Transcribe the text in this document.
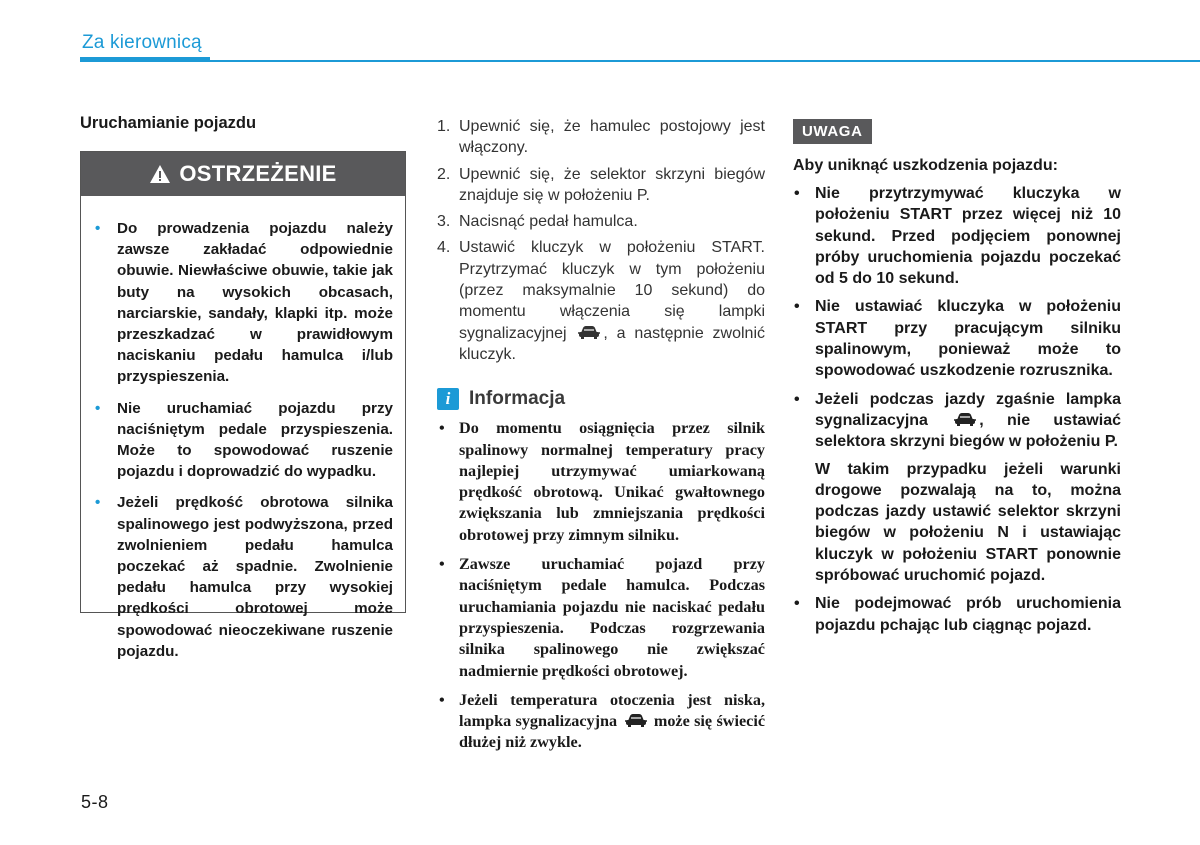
Za kierownicą
Uruchamianie pojazdu
OSTRZEŻENIE
• Do prowadzenia pojazdu należy zawsze zakładać odpowiednie obuwie. Niewłaściwe obuwie, takie jak buty na wysokich obcasach, narciarskie, sandały, klapki itp. może przeszkadzać w prawidłowym naciskaniu pedału hamulca i/lub przyspieszenia.
• Nie uruchamiać pojazdu przy naciśniętym pedale przyspieszenia. Może to spowodować ruszenie pojazdu i doprowadzić do wypadku.
• Jeżeli prędkość obrotowa silnika spalinowego jest podwyższona, przed zwolnieniem pedału hamulca poczekać aż spadnie. Zwolnienie pedału hamulca przy wysokiej prędkości obrotowej może spowodować nieoczekiwane ruszenie pojazdu.
1. Upewnić się, że hamulec postojowy jest włączony.
2. Upewnić się, że selektor skrzyni biegów znajduje się w położeniu P.
3. Nacisnąć pedał hamulca.
4. Ustawić kluczyk w położeniu START. Przytrzymać kluczyk w tym położeniu (przez maksymalnie 10 sekund) do momentu włączenia się lampki sygnalizacyjnej , a następnie zwolnić kluczyk.
i Informacja
• Do momentu osiągnięcia przez silnik spalinowy normalnej temperatury pracy najlepiej utrzymywać umiarkowaną prędkość obrotową. Unikać gwałtownego zwiększania lub zmniejszania prędkości obrotowej przy zimnym silniku.
• Zawsze uruchamiać pojazd przy naciśniętym pedale hamulca. Podczas uruchamiania pojazdu nie naciskać pedału przyspieszenia. Podczas rozgrzewania silnika spalinowego nie zwiększać nadmiernie prędkości obrotowej.
• Jeżeli temperatura otoczenia jest niska, lampka sygnalizacyjna  może się świecić dłużej niż zwykle.
UWAGA
Aby uniknąć uszkodzenia pojazdu:
• Nie przytrzymywać kluczyka w położeniu START przez więcej niż 10 sekund. Przed podjęciem ponownej próby uruchomienia pojazdu poczekać od 5 do 10 sekund.
• Nie ustawiać kluczyka w położeniu START przy pracującym silniku spalinowym, ponieważ może to spowodować uszkodzenie rozrusznika.
• Jeżeli podczas jazdy zgaśnie lampka sygnalizacyjna , nie ustawiać selektora skrzyni biegów w położeniu P.
W takim przypadku jeżeli warunki drogowe pozwalają na to, można podczas jazdy ustawić selektor skrzyni biegów w położeniu N i ustawiając kluczyk w położeniu START ponownie spróbować uruchomić pojazd.
• Nie podejmować prób uruchomienia pojazdu pchając lub ciągnąc pojazd.
5-8
